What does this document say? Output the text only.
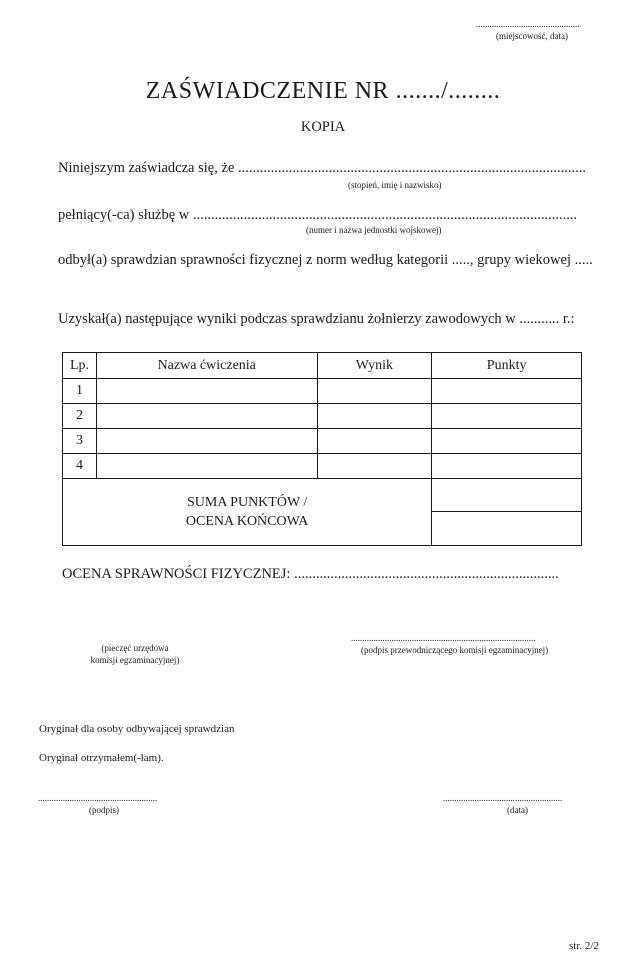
..............................................
(miejscowość, data)
ZAŚWIADCZENIE NR ......./........
KOPIA
Niniejszym zaświadcza się, że ................................................................................................
(stopień, imię i nazwisko)
pełniący(-ca) służbę w ..........................................................................................................
(numer i nazwa jednostki wojskowej)
odbył(a) sprawdzian sprawności fizycznej z norm według kategorii ....., grupy wiekowej .....
Uzyskał(a) następujące wyniki podczas sprawdzianu żołnierzy zawodowych w ........... r.:
Lp.	Nazwa ćwiczenia	Wynik	Punkty
1			
2			
3			
4			

SUMA PUNKTÓW /
OCENA KOŃCOWA			

OCENA SPRAWNOŚCI FIZYCZNEJ: .........................................................................
(pieczęć urzędowa
komisji egzaminacyjnej)
..................................................................................
(podpis przewodniczącego komisji egzaminacyjnej)
Oryginał dla osoby odbywającej sprawdzian
Oryginał otrzymałem(-łam).
.....................................................
(podpis)
.....................................................
(data)
str. 2/2
